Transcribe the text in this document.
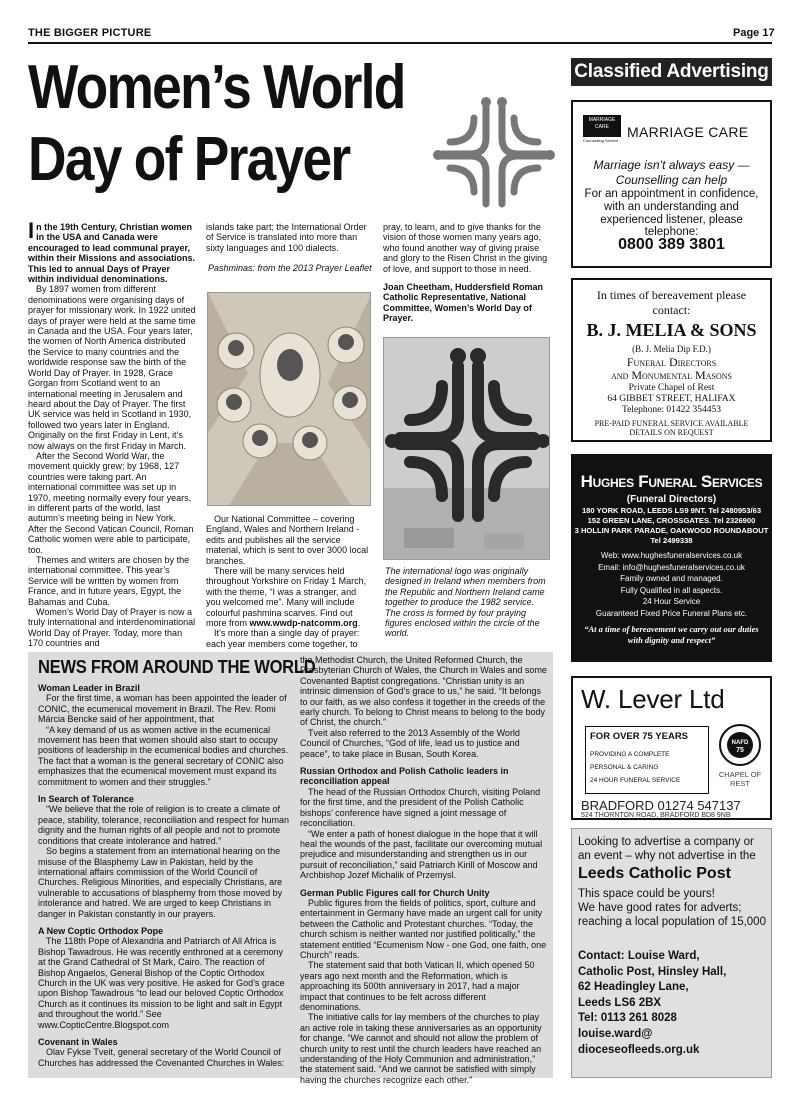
THE BIGGER PICTURE	Page 17
Women’s World
Day of Prayer

In the 19th Century, Christian women in the USA and Canada were encouraged to lead communal prayer, within their Missions and associations. This led to annual Days of Prayer within individual denominations.

By 1897 women from different denominations were organising days of prayer for missionary work. In 1922 united days of prayer were held at the same time in Canada and the USA. Four years later, the women of North America distributed the Service to many countries and the worldwide response saw the birth of the World Day of Prayer. In 1928, Grace Gorgan from Scotland went to an international meeting in Jerusalem and heard about the Day of Prayer. The first UK service was held in Scotland in 1930, followed two years later in England. Originally on the first Friday in Lent, it’s now always on the first Friday in March.

After the Second World War, the movement quickly grew; by 1968, 127 countries were taking part. An international committee was set up in 1970, meeting normally every four years, in different parts of the world, last autumn’s meeting being in New York. After the Second Vatican Council, Roman Catholic women were able to participate, too.

Themes and writers are chosen by the international committee. This year’s Service will be written by women from France, and in future years, Egypt, the Bahamas and Cuba.

Women’s World Day of Prayer is now a truly international and interdenominational World Day of Prayer. Today, more than 170 countries and

islands take part; the International Order of Service is translated into more than sixty languages and 100 dialects.

Pashminas: from the 2013 Prayer Leaflet

Our National Committee – covering England, Wales and Northern Ireland - edits and publishes all the service material, which is sent to over 3000 local branches.

There will be many services held throughout Yorkshire on Friday 1 March, with the theme, “I was a stranger, and you welcomed me”. Many will include colourful pashmina scarves. Find out more from www.wwdp-natcomm.org.

It’s more than a single day of prayer: each year members come together, to

pray, to learn, and to give thanks for the vision of those women many years ago, who found another way of giving praise and glory to the Risen Christ in the giving of love, and support to those in need.

Joan Cheetham, Huddersfield Roman Catholic Representative, National Committee, Women’s World Day of Prayer.

The international logo was originally designed in Ireland when members from the Republic and Northern Ireland came together to produce the 1982 service. The cross is formed by four praying figures enclosed within the circle of the world.
NEWS FROM AROUND THE WORLD
Woman Leader in Brazil

For the first time, a woman has been appointed the leader of CONIC, the ecumenical movement in Brazil. The Rev. Romi Márcia Bencke said of her appointment, that

“A key demand of us as women active in the ecumenical movement has been that women should also start to occupy positions of leadership in the ecumenical bodies and churches. The fact that a woman is the general secretary of CONIC also emphasizes that the ecumenical movement must expand its commitment to women and their struggles.”

In Search of Tolerance

“We believe that the role of religion is to create a climate of peace, stability, tolerance, reconciliation and respect for human dignity and the human rights of all people and not to promote conditions that create intolerance and hatred.”

So begins a statement from an international hearing on the misuse of the Blasphemy Law in Pakistan, held by the international affairs commission of the World Council of Churches. Religious Minorities, and especially Christians, are vulnerable to accusations of blasphemy from those moved by intolerance and hatred. We are urged to keep Christians in danger in Pakistan constantly in our prayers.

A New Coptic Orthodox Pope

The 118th Pope of Alexandria and Patriarch of All Africa is Bishop Tawadrous. He was recently enthroned at a ceremony at the Grand Cathedral of St Mark, Cairo. The reaction of Bishop Angaelos, General Bishop of the Coptic Orthodox Church in the UK was very positive. He asked for God’s grace upon Bishop Tawadrous “to lead our beloved Coptic Orthodox Church as it continues its mission to be light and salt in Egypt and throughout the world.” See

www.CopticCentre.Blogspot.com

Covenant in Wales

Olav Fykse Tveit, general secretary of the World Council of Churches has addressed the Covenanted Churches in Wales:

the Methodist Church, the United Reformed Church, the Presbyterian Church of Wales, the Church in Wales and some Covenanted Baptist congregations. “Christian unity is an intrinsic dimension of God’s grace to us,” he said. “It belongs to our faith, as we also confess it together in the creeds of the early church. To belong to Christ means to belong to the body of Christ, the church.”

Tveit also referred to the 2013 Assembly of the World Council of Churches, “God of life, lead us to justice and peace”, to take place in Busan, South Korea.

Russian Orthodox and Polish Catholic leaders in reconciliation appeal

The head of the Russian Orthodox Church, visiting Poland for the first time, and the president of the Polish Catholic bishops’ conference have signed a joint message of reconciliation.

“We enter a path of honest dialogue in the hope that it will heal the wounds of the past, facilitate our overcoming mutual prejudice and misunderstanding and strengthen us in our pursuit of reconciliation,” said Patriarch Kirill of Moscow and Archbishop Jozef Michalik of Przemysl.

German Public Figures call for Church Unity

Public figures from the fields of politics, sport, culture and entertainment in Germany have made an urgent call for unity between the Catholic and Protestant churches. “Today, the church schism is neither wanted nor justified politically,” the statement entitled “Ecumenism Now - one God, one faith, one Church” reads.

The statement said that both Vatican II, which opened 50 years ago next month and the Reformation, which is approaching its 500th anniversary in 2017, had a major impact that continues to be felt across different denominations.

The initiative calls for lay members of the churches to play an active role in taking these anniversaries as an opportunity for change. “We cannot and should not allow the problem of church unity to rest until the church leaders have reached an understanding of the Holy Communion and administration,” the statement said. “And we cannot be satisfied with simply having the churches recognize each other.”

Classified Advertising
MARRIAGE CARE
Counselling Service
MARRIAGE CARE
Marriage isn’t always easy —
Counselling can help
For an appointment in confidence, with an understanding and experienced listener, please telephone:
0800 389 3801
In times of bereavement please contact:
B. J. MELIA & SONS
(B. J. Melia Dip F.D.)
Funeral Directors
and Monumental Masons
Private Chapel of Rest
64 GIBBET STREET, HALIFAX
Telephone: 01422 354453
PRE-PAID FUNERAL SERVICE AVAILABLE DETAILS ON REQUEST
Hughes Funeral Services
(Funeral Directors)
180 YORK ROAD, LEEDS LS9 9NT. Tel 2480953/63
152 GREEN LANE, CROSSGATES. Tel 2326900
3 HOLLIN PARK PARADE, OAKWOOD ROUNDABOUT
Tel 2499338
Web: www.hughesfuneralservices.co.uk
Email: info@hughesfuneralservices.co.uk
Family owned and managed.
Fully Qualified in all aspects.
24 Hour Service
Guaranteed Fixed Price Funeral Plans etc.
“At a time of bereavement we carry out our duties with dignity and respect”
W. Lever Ltd
FOR OVER 75 YEARS
PROVIDING A COMPLETE
PERSONAL & CARING
24 HOUR FUNERAL SERVICE
NAFD
75
CHAPEL OF REST
BRADFORD 01274 547137
524 THORNTON ROAD, BRADFORD BD8 9NB
Looking to advertise a company or an event – why not advertise in the
Leeds Catholic Post
This space could be yours!
We have good rates for adverts; reaching a local population of 15,000
Contact: Louise Ward,
Catholic Post, Hinsley Hall,
62 Headingley Lane,
Leeds LS6 2BX
Tel: 0113 261 8028
louise.ward@
dioceseofleeds.org.uk
